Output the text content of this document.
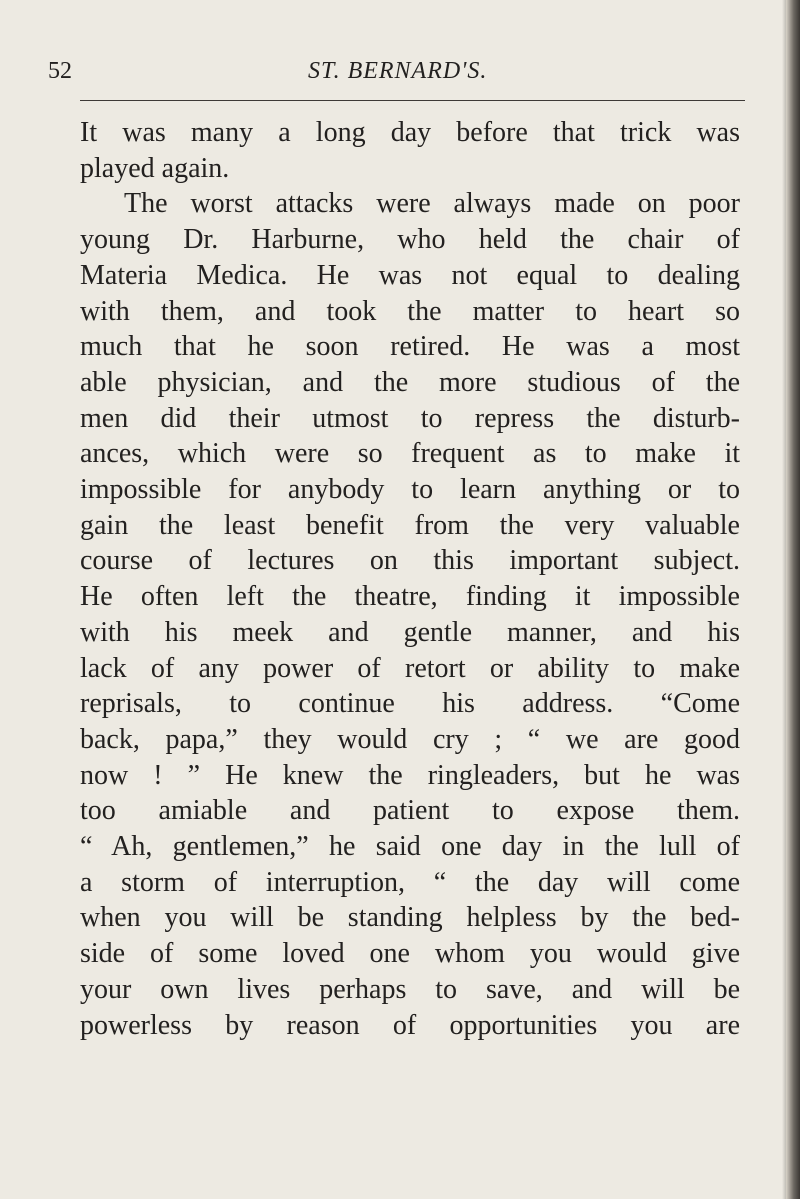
52	ST. BERNARD'S.
It was many a long day before that trick was
played again.
The worst attacks were always made on poor
young Dr. Harburne, who held the chair of
Materia Medica. He was not equal to dealing
with them, and took the matter to heart so
much that he soon retired. He was a most
able physician, and the more studious of the
men did their utmost to repress the disturb-
ances, which were so frequent as to make it
impossible for anybody to learn anything or to
gain the least benefit from the very valuable
course of lectures on this important subject.
He often left the theatre, finding it impossible
with his meek and gentle manner, and his
lack of any power of retort or ability to make
reprisals, to continue his address. “Come
back, papa,” they would cry ; “ we are good
now ! ” He knew the ringleaders, but he was
too amiable and patient to expose them.
“ Ah, gentlemen,” he said one day in the lull of
a storm of interruption, “ the day will come
when you will be standing helpless by the bed-
side of some loved one whom you would give
your own lives perhaps to save, and will be
powerless by reason of opportunities you are
